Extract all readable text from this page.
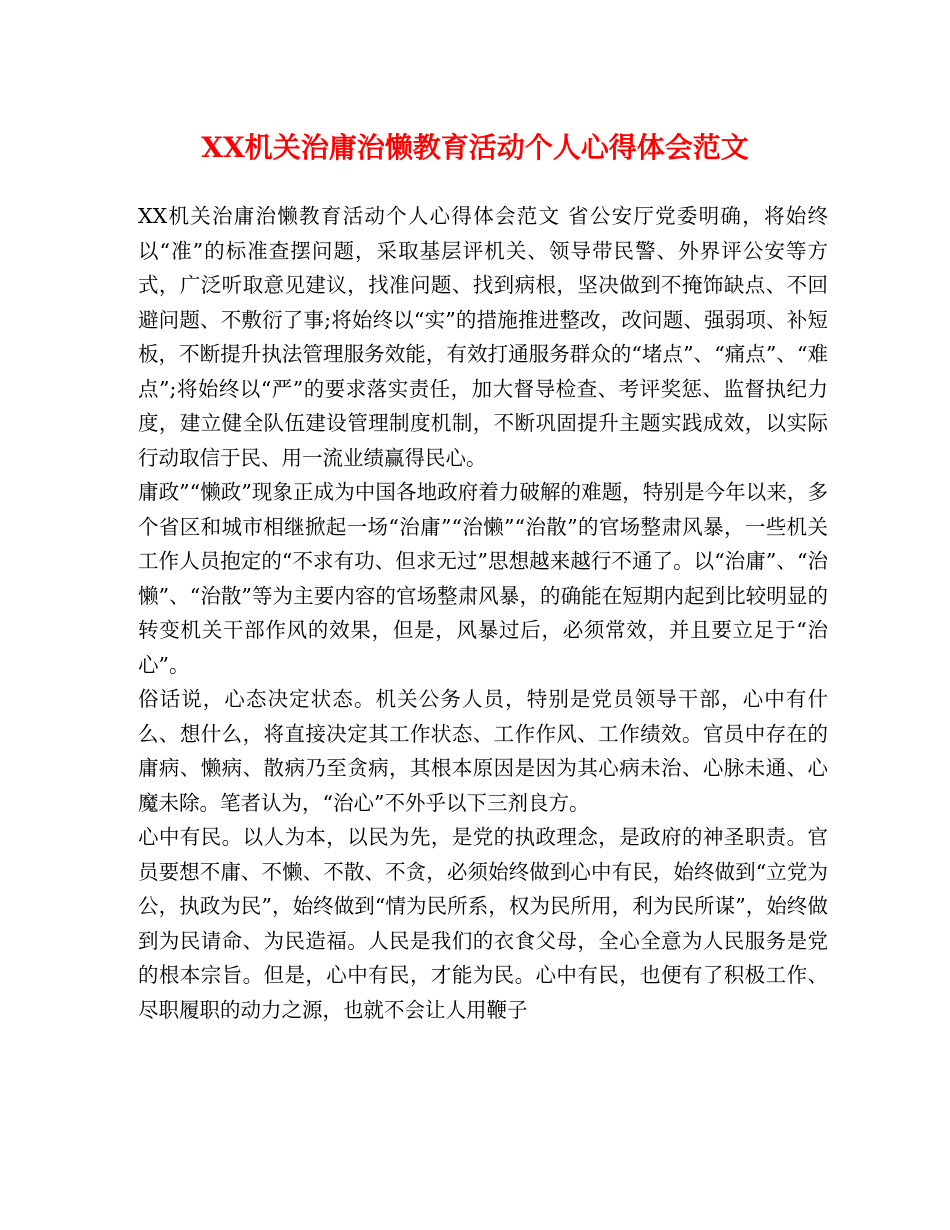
XX机关治庸治懒教育活动个人心得体会范文

XX机关治庸治懒教育活动个人心得体会范文 省公安厅党委明确，将始终以“准”的标准查摆问题，采取基层评机关、领导带民警、外界评公安等方式，广泛听取意见建议，找准问题、找到病根，坚决做到不掩饰缺点、不回避问题、不敷衍了事;将始终以“实”的措施推进整改，改问题、强弱项、补短板，不断提升执法管理服务效能，有效打通服务群众的“堵点”、“痛点”、“难点”;将始终以“严”的要求落实责任，加大督导检查、考评奖惩、监督执纪力度，建立健全队伍建设管理制度机制，不断巩固提升主题实践成效，以实际行动取信于民、用一流业绩赢得民心。

庸政”“懒政”现象正成为中国各地政府着力破解的难题，特别是今年以来，多个省区和城市相继掀起一场“治庸”“治懒”“治散”的官场整肃风暴，一些机关工作人员抱定的“不求有功、但求无过”思想越来越行不通了。以“治庸”、“治懒”、“治散”等为主要内容的官场整肃风暴，的确能在短期内起到比较明显的转变机关干部作风的效果，但是，风暴过后，必须常效，并且要立足于“治心”。

俗话说，心态决定状态。机关公务人员，特别是党员领导干部，心中有什么、想什么，将直接决定其工作状态、工作作风、工作绩效。官员中存在的庸病、懒病、散病乃至贪病，其根本原因是因为其心病未治、心脉未通、心魔未除。笔者认为，“治心”不外乎以下三剂良方。

心中有民。以人为本，以民为先，是党的执政理念，是政府的神圣职责。官员要想不庸、不懒、不散、不贪，必须始终做到心中有民，始终做到“立党为公，执政为民”，始终做到“情为民所系，权为民所用，利为民所谋”，始终做到为民请命、为民造福。人民是我们的衣食父母，全心全意为人民服务是党的根本宗旨。但是，心中有民，才能为民。心中有民，也便有了积极工作、尽职履职的动力之源，也就不会让人用鞭子
